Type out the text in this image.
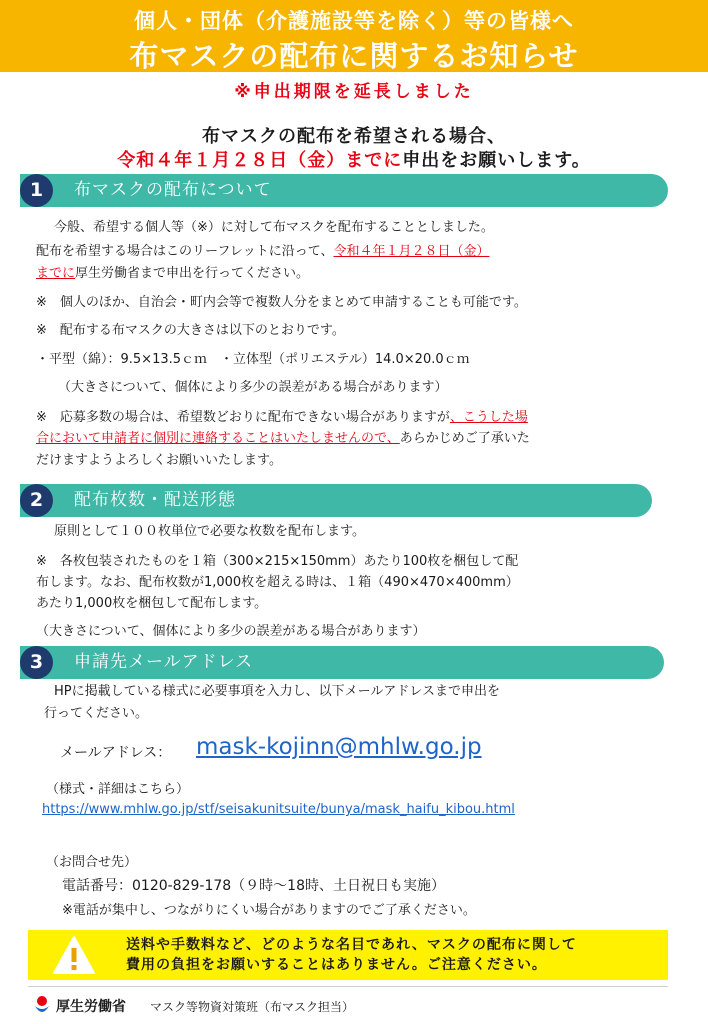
個人・団体（介護施設等を除く）等の皆様へ
布マスクの配布に関するお知らせ
※申出期限を延長しました
布マスクの配布を希望される場合、
令和４年１月２８日（金）までに申出をお願いします。
1	布マスクの配布について
今般、希望する個人等（※）に対して布マスクを配布することとしました。
配布を希望する場合はこのリーフレットに沿って、令和４年１月２８日（金）
までに厚生労働省まで申出を行ってください。
※　個人のほか、自治会・町内会等で複数人分をまとめて申請することも可能です。
※　配布する布マスクの大きさは以下のとおりです。
・平型（綿）：9.5×13.5ｃｍ　・立体型（ポリエステル）14.0×20.0ｃｍ
（大きさについて、個体により多少の誤差がある場合があります）
※　応募多数の場合は、希望数どおりに配布できない場合がありますが、こうした場
合において申請者に個別に連絡することはいたしませんので、あらかじめご了承いた
だけますようよろしくお願いいたします。
2	配布枚数・配送形態
原則として１００枚単位で必要な枚数を配布します。
※　各枚包装されたものを１箱（300×215×150mm）あたり100枚を梱包して配
布します。なお、配布枚数が1,000枚を超える時は、１箱（490×470×400mm）
あたり1,000枚を梱包して配布します。
（大きさについて、個体により多少の誤差がある場合があります）
3	申請先メールアドレス
HPに掲載している様式に必要事項を入力し、以下メールアドレスまで申出を
行ってください。
メールアドレス： mask-kojinn@mhlw.go.jp
（様式・詳細はこちら）
https://www.mhlw.go.jp/stf/seisakunitsuite/bunya/mask_haifu_kibou.html
（お問合せ先）
電話番号：0120-829-178（９時〜18時、土日祝日も実施）
※電話が集中し、つながりにくい場合がありますのでご了承ください。
送料や手数料など、どのような名目であれ、マスクの配布に関して
費用の負担をお願いすることはありません。ご注意ください。
厚生労働省 マスク等物資対策班（布マスク担当）
